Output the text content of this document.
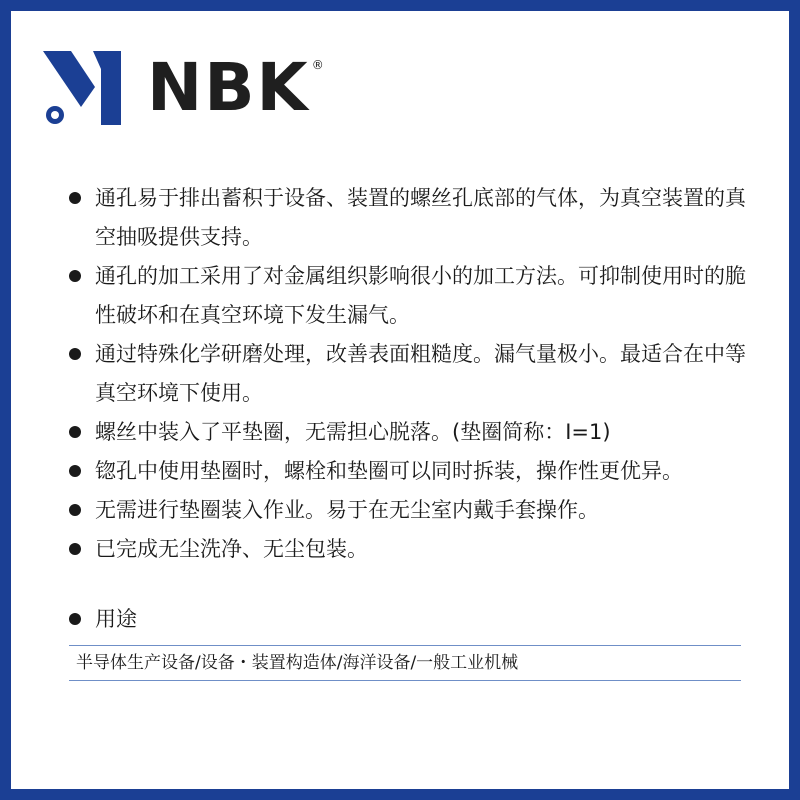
NBK ®
通孔易于排出蓄积于设备、装置的螺丝孔底部的气体，为真空装置的真空抽吸提供支持。
通孔的加工采用了对金属组织影响很小的加工方法。可抑制使用时的脆性破坏和在真空环境下发生漏气。
通过特殊化学研磨处理，改善表面粗糙度。漏气量极小。最适合在中等真空环境下使用。
螺丝中装入了平垫圈，无需担心脱落。(垫圈简称：I=1)
锪孔中使用垫圈时，螺栓和垫圈可以同时拆装，操作性更优异。
无需进行垫圈装入作业。易于在无尘室内戴手套操作。
已完成无尘洗净、无尘包装。
用途
半导体生产设备/设备・装置构造体/海洋设备/一般工业机械
